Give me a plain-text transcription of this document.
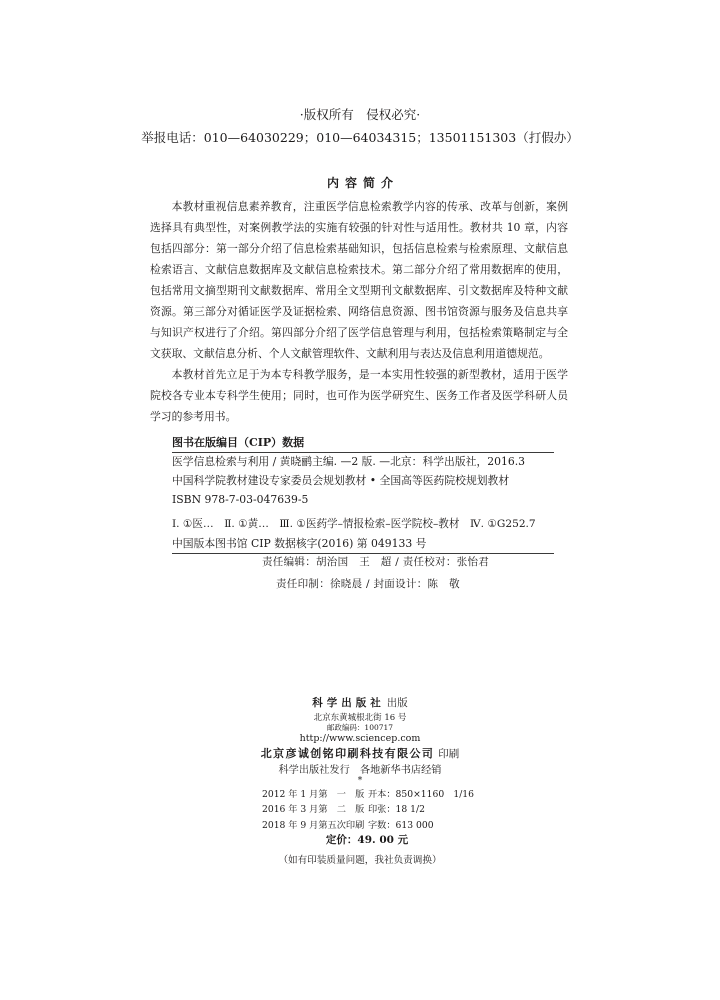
·版权所有　侵权必究·
举报电话：010—64030229；010—64034315；13501151303（打假办）
内容简介
本教材重视信息素养教育，注重医学信息检索教学内容的传承、改革与创新，案例
选择具有典型性，对案例教学法的实施有较强的针对性与适用性。教材共 10 章，内容
包括四部分：第一部分介绍了信息检索基础知识，包括信息检索与检索原理、文献信息
检索语言、文献信息数据库及文献信息检索技术。第二部分介绍了常用数据库的使用，
包括常用文摘型期刊文献数据库、常用全文型期刊文献数据库、引文数据库及特种文献
资源。第三部分对循证医学及证据检索、网络信息资源、图书馆资源与服务及信息共享
与知识产权进行了介绍。第四部分介绍了医学信息管理与利用，包括检索策略制定与全
文获取、文献信息分析、个人文献管理软件、文献利用与表达及信息利用道德规范。
本教材首先立足于为本专科教学服务，是一本实用性较强的新型教材，适用于医学
院校各专业本专科学生使用；同时，也可作为医学研究生、医务工作者及医学科研人员
学习的参考用书。
图书在版编目（CIP）数据
医学信息检索与利用 / 黄晓鹂主编. —2 版. —北京：科学出版社，2016.3
中国科学院教材建设专家委员会规划教材 • 全国高等医药院校规划教材
ISBN 978-7-03-047639-5
Ⅰ. ①医…　Ⅱ. ①黄…　Ⅲ. ①医药学–情报检索–医学院校–教材　Ⅳ. ①G252.7
中国版本图书馆 CIP 数据核字(2016) 第 049133 号
责任编辑：胡治国　王　超 / 责任校对：张怡君
责任印制：徐晓晨 / 封面设计：陈　敬
科学出版社 出版
北京东黄城根北街 16 号
邮政编码：100717
http://www.sciencep.com
北京彦诚创铭印刷科技有限公司 印刷
科学出版社发行　各地新华书店经销
*
2012 年 1 月第　一　版 开本：850×1160　1/16
2016 年 3 月第　二　版 印张：18 1/2
2018 年 9 月第五次印刷 字数：613 000
定价：49. 00 元
（如有印装质量问题，我社负责调换）
